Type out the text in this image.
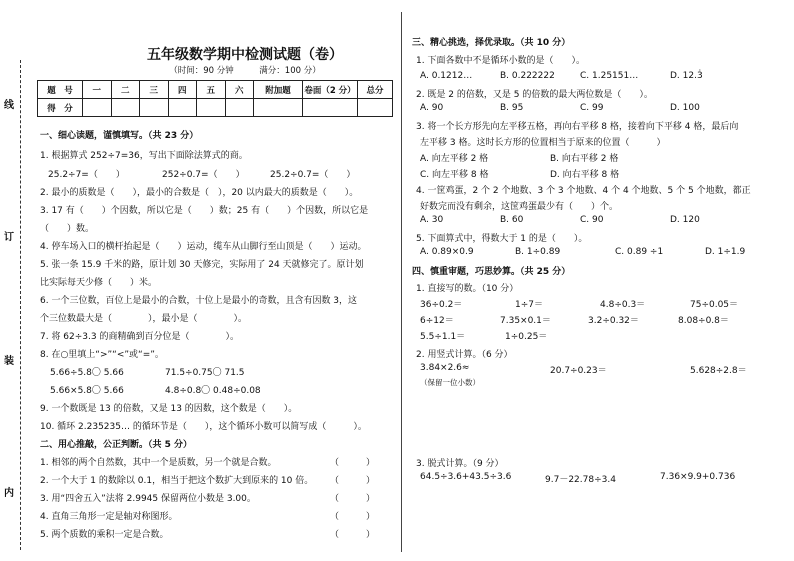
线
订
装
内
五年级数学期中检测试题（卷）
（时间：90 分钟　　　满分：100 分）
题　号	一	二	三	四	五	六	附加题	卷面（2 分）	总分
得　分									
一、细心读题，谨慎填写。（共 23 分）
1. 根据算式 252÷7=36，写出下面除法算式的商。
25.2÷7=（　　）	252÷0.7=（　　）	25.2÷0.7=（　　）
2. 最小的质数是（　　），最小的合数是（　），20 以内最大的质数是（　　）。
3. 17 有（　　）个因数，所以它是（　　）数；25 有（　　）个因数，所以它是
（　　）数。
4. 停车场入口的横杆抬起是（　　）运动，缆车从山脚行至山顶是（　　）运动。
5. 张一条 15.9 千米的路，原计划 30 天修完，实际用了 24 天就修完了。原计划
比实际每天少修（　　）米。
6. 一个三位数，百位上是最小的合数，十位上是最小的奇数，且含有因数 3，这
个三位数最大是（　　　　），最小是（　　　　）。
7. 将 62÷3.3 的商精确到百分位是（　　　　）。
8. 在○里填上“>”“<”或“=”。
5.66÷5.8〇 5.66	71.5÷0.75〇 71.5
5.66×5.8〇 5.66	4.8÷0.8〇 0.48÷0.08
9. 一个数既是 13 的倍数，又是 13 的因数，这个数是（　　）。
10. 循环 2.235235… 的循环节是（　　），这个循环小数可以简写成（　　　）。
二、用心推敲，公正判断。（共 5 分）
1. 相邻的两个自然数，其中一个是质数，另一个就是合数。	（　　　）
2. 一个大于 1 的数除以 0.1，相当于把这个数扩大到原来的 10 倍。 （　　　）
3. 用“四舍五入”法将 2.9945 保留两位小数是 3.00。	（　　　）
4. 直角三角形一定是轴对称图形。	（　　　）
5. 两个质数的乘积一定是合数。	（　　　）
三、精心挑选，择优录取。（共 10 分）
1. 下面各数中不是循环小数的是（　　）。
A. 0.1212…	B. 0.222222	C. 1.25151…	D. 12.3̇
2. 既是 2 的倍数，又是 5 的倍数的最大两位数是（　　）。
A. 90	B. 95	C. 99	D. 100
3. 将一个长方形先向左平移五格，再向右平移 8 格，接着向下平移 4 格，最后向
左平移 3 格。这时长方形的位置相当于原来的位置（　　　）
A. 向左平移 2 格	B. 向右平移 2 格
C. 向左平移 8 格	D. 向右平移 8 格
4. 一筐鸡蛋，2 个 2 个地数、3 个 3 个地数、4 个 4 个地数、5 个 5 个地数，都正
好数完而没有剩余，这筐鸡蛋最少有（　　）个。
A. 30	B. 60	C. 90	D. 120
5. 下面算式中，得数大于 1 的是（　　）。
A. 0.89×0.9	B. 1÷0.89	C. 0.89 ÷1	D. 1÷1.9
四、慎重审题，巧思妙算。（共 25 分）
1. 直接写的数。（10 分）
36÷0.2＝	1÷7＝	4.8÷0.3＝	75÷0.05＝
6÷12＝	7.35×0.1＝	3.2÷0.32＝	8.08÷0.8＝
5.5÷1.1＝	1÷0.25＝
2. 用竖式计算。（6 分）
3.84×2.6≈	20.7÷0.23＝	5.628÷2.8＝
（保留一位小数）
3. 脱式计算。（9 分）
64.5÷3.6+43.5÷3.6	9.7－22.78÷3.4	7.36×9.9+0.736
